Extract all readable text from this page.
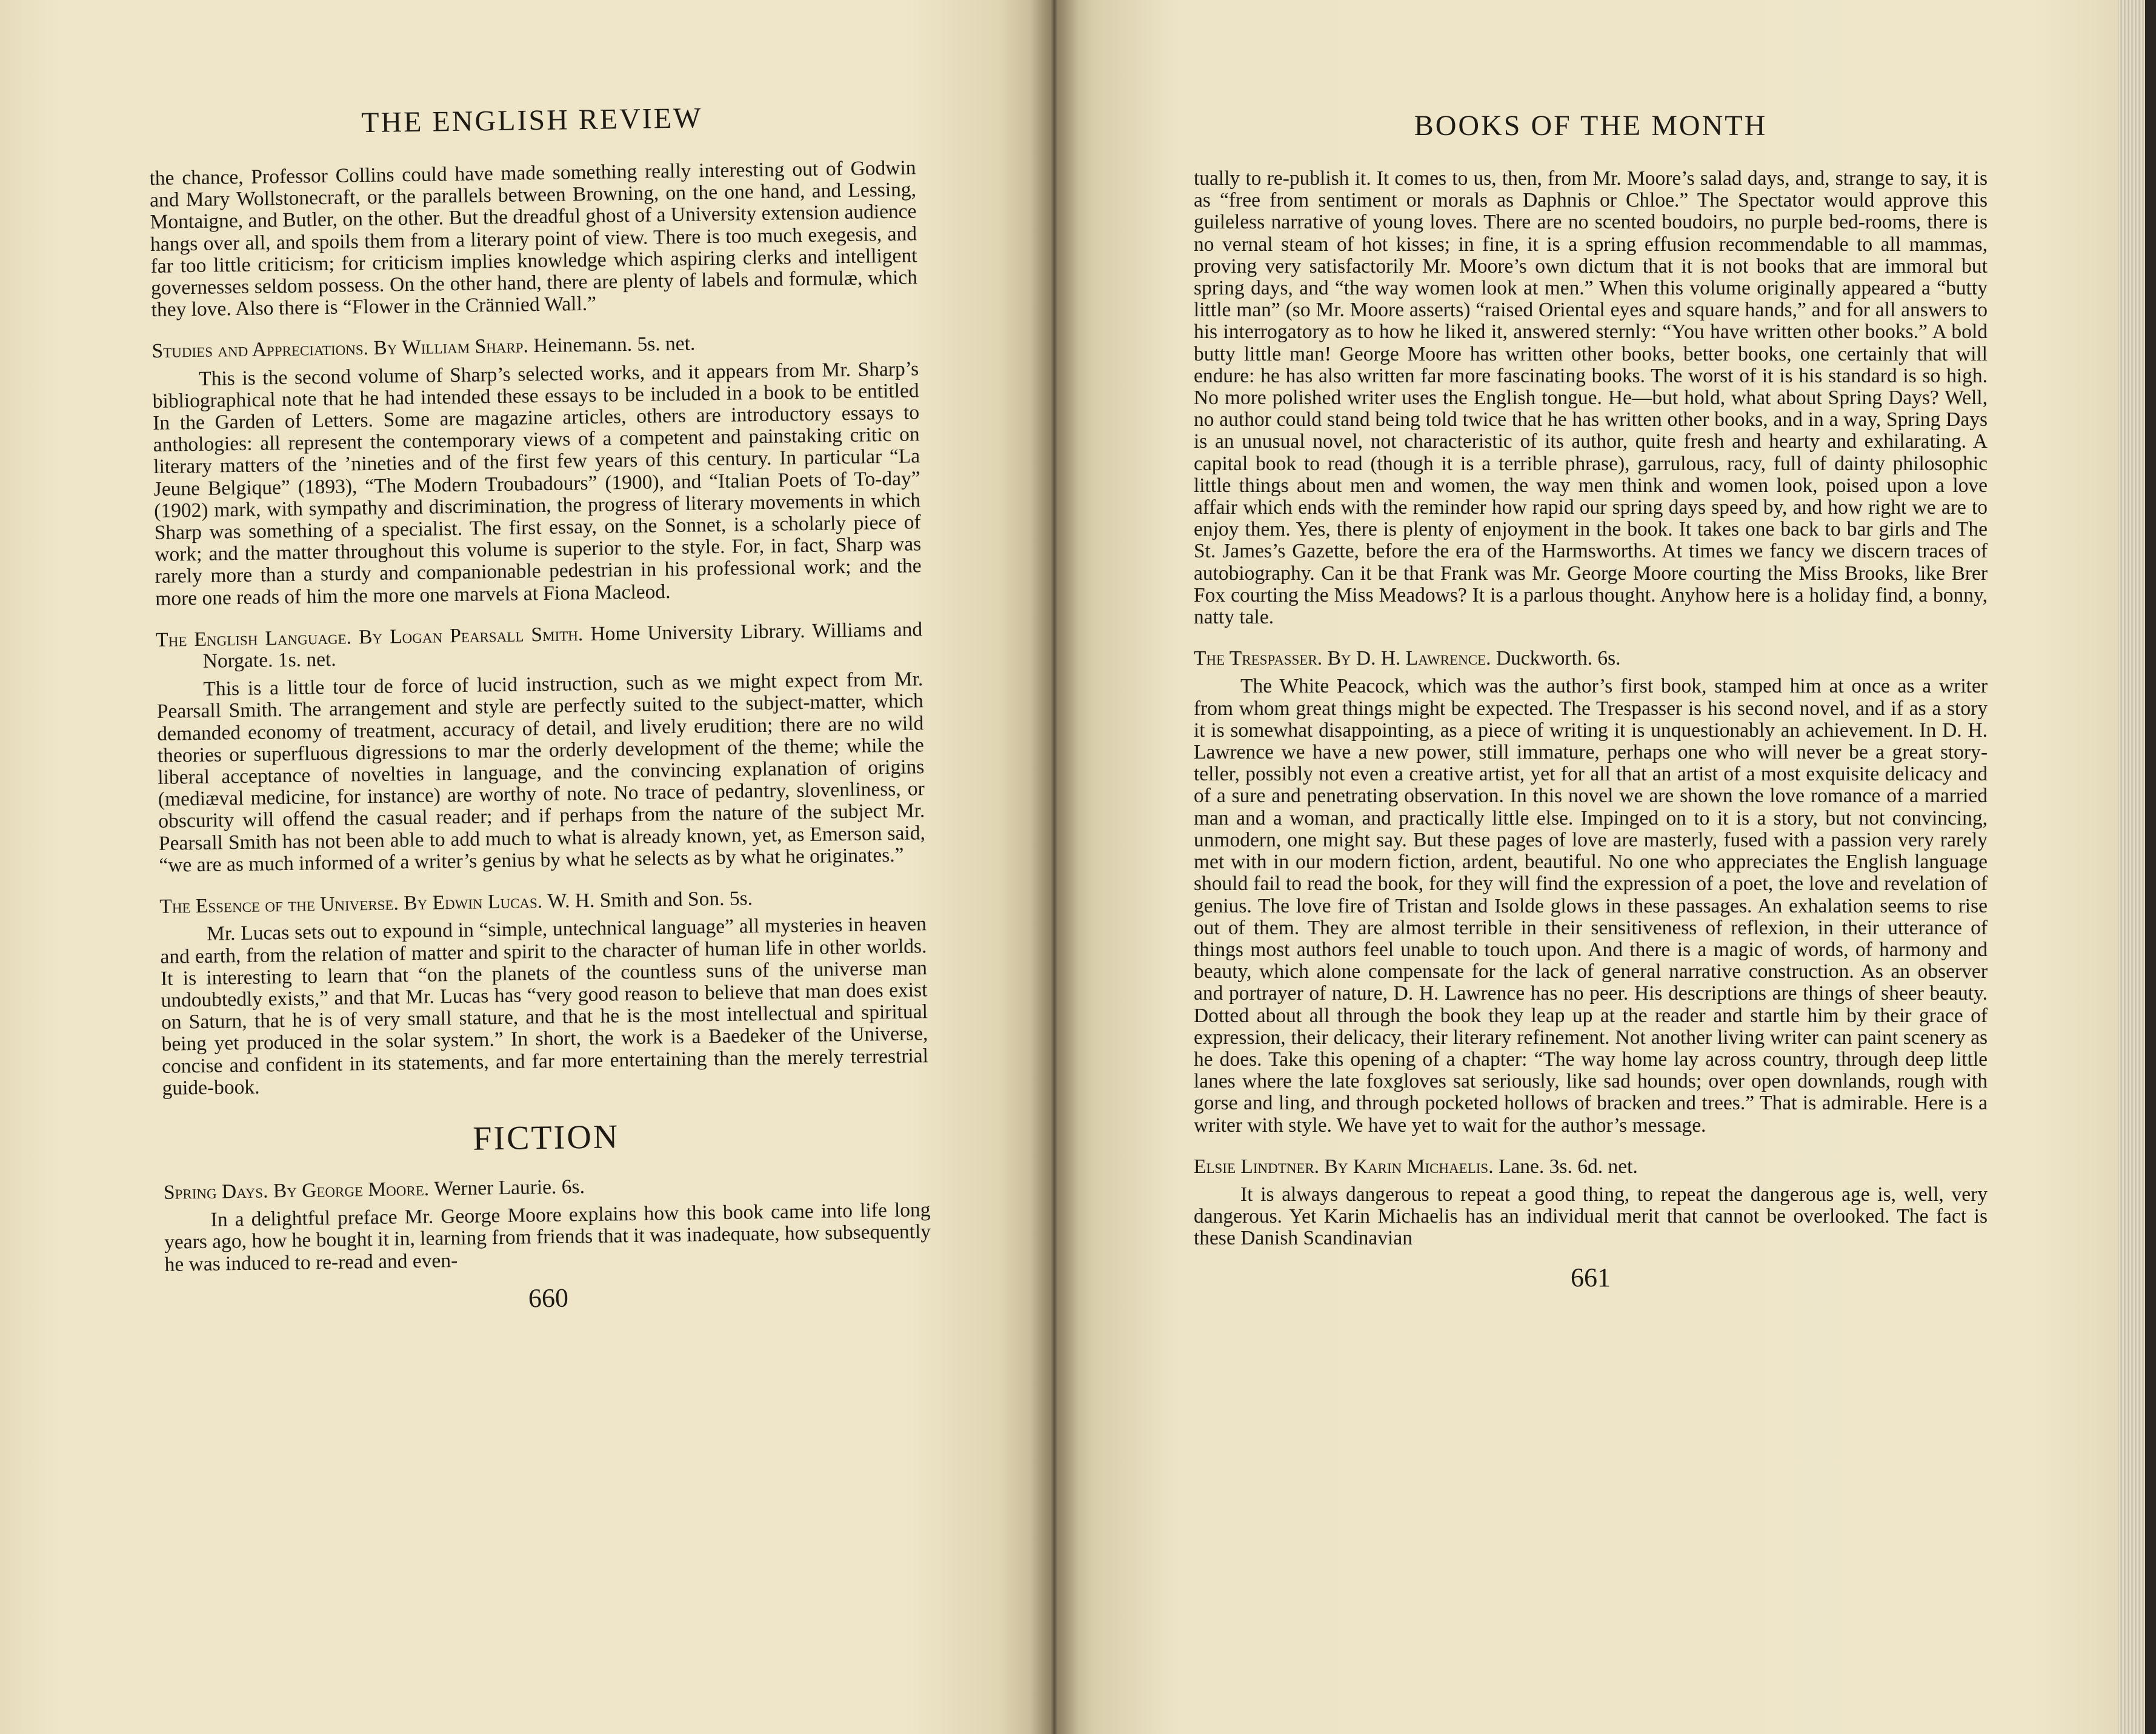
THE ENGLISH REVIEW

the chance, Professor Collins could have made something really interesting out of Godwin and Mary Wollstonecraft, or the parallels between Browning, on the one hand, and Lessing, Montaigne, and Butler, on the other. But the dreadful ghost of a University extension audience hangs over all, and spoils them from a literary point of view. There is too much exegesis, and far too little criticism; for criticism implies knowledge which aspiring clerks and intelligent governesses seldom possess. On the other hand, there are plenty of labels and formulæ, which they love. Also there is “Flower in the Crännied Wall.”

Studies and Appreciations. By William Sharp. Heinemann. 5s. net.

This is the second volume of Sharp’s selected works, and it appears from Mr. Sharp’s bibliographical note that he had intended these essays to be included in a book to be entitled In the Garden of Letters. Some are magazine articles, others are introductory essays to anthologies: all represent the contemporary views of a competent and painstaking critic on literary matters of the ’nineties and of the first few years of this century. In particular “La Jeune Belgique” (1893), “The Modern Troubadours” (1900), and “Italian Poets of To-day” (1902) mark, with sympathy and discrimination, the progress of literary movements in which Sharp was something of a specialist. The first essay, on the Sonnet, is a scholarly piece of work; and the matter throughout this volume is superior to the style. For, in fact, Sharp was rarely more than a sturdy and companionable pedestrian in his professional work; and the more one reads of him the more one marvels at Fiona Macleod.

The English Language. By Logan Pearsall Smith. Home University Library. Williams and Norgate. 1s. net.

This is a little tour de force of lucid instruction, such as we might expect from Mr. Pearsall Smith. The arrangement and style are perfectly suited to the subject-matter, which demanded economy of treatment, accuracy of detail, and lively erudition; there are no wild theories or superfluous digressions to mar the orderly development of the theme; while the liberal acceptance of novelties in language, and the convincing explanation of origins (mediæval medicine, for instance) are worthy of note. No trace of pedantry, slovenliness, or obscurity will offend the casual reader; and if perhaps from the nature of the subject Mr. Pearsall Smith has not been able to add much to what is already known, yet, as Emerson said, “we are as much informed of a writer’s genius by what he selects as by what he originates.”

The Essence of the Universe. By Edwin Lucas. W. H. Smith and Son. 5s.

Mr. Lucas sets out to expound in “simple, untechnical language” all mysteries in heaven and earth, from the relation of matter and spirit to the character of human life in other worlds. It is interesting to learn that “on the planets of the countless suns of the universe man undoubtedly exists,” and that Mr. Lucas has “very good reason to believe that man does exist on Saturn, that he is of very small stature, and that he is the most intellectual and spiritual being yet produced in the solar system.” In short, the work is a Baedeker of the Universe, concise and confident in its statements, and far more entertaining than the merely terrestrial guide-book.

FICTION
Spring Days. By George Moore. Werner Laurie. 6s.

In a delightful preface Mr. George Moore explains how this book came into life long years ago, how he bought it in, learning from friends that it was inadequate, how subsequently he was induced to re-read and even-

660
BOOKS OF THE MONTH

tually to re-publish it. It comes to us, then, from Mr. Moore’s salad days, and, strange to say, it is as “free from sentiment or morals as Daphnis or Chloe.” The Spectator would approve this guileless narrative of young loves. There are no scented boudoirs, no purple bed-rooms, there is no vernal steam of hot kisses; in fine, it is a spring effusion recommendable to all mammas, proving very satisfactorily Mr. Moore’s own dictum that it is not books that are immoral but spring days, and “the way women look at men.” When this volume originally appeared a “butty little man” (so Mr. Moore asserts) “raised Oriental eyes and square hands,” and for all answers to his interrogatory as to how he liked it, answered sternly: “You have written other books.” A bold butty little man! George Moore has written other books, better books, one certainly that will endure: he has also written far more fascinating books. The worst of it is his standard is so high. No more polished writer uses the English tongue. He—but hold, what about Spring Days? Well, no author could stand being told twice that he has written other books, and in a way, Spring Days is an unusual novel, not characteristic of its author, quite fresh and hearty and exhilarating. A capital book to read (though it is a terrible phrase), garrulous, racy, full of dainty philosophic little things about men and women, the way men think and women look, poised upon a love affair which ends with the reminder how rapid our spring days speed by, and how right we are to enjoy them. Yes, there is plenty of enjoyment in the book. It takes one back to bar girls and The St. James’s Gazette, before the era of the Harmsworths. At times we fancy we discern traces of autobiography. Can it be that Frank was Mr. George Moore courting the Miss Brooks, like Brer Fox courting the Miss Meadows? It is a parlous thought. Anyhow here is a holiday find, a bonny, natty tale.

The Trespasser. By D. H. Lawrence. Duckworth. 6s.

The White Peacock, which was the author’s first book, stamped him at once as a writer from whom great things might be expected. The Trespasser is his second novel, and if as a story it is somewhat disappointing, as a piece of writing it is unquestionably an achievement. In D. H. Lawrence we have a new power, still immature, perhaps one who will never be a great story-teller, possibly not even a creative artist, yet for all that an artist of a most exquisite delicacy and of a sure and penetrating observation. In this novel we are shown the love romance of a married man and a woman, and practically little else. Impinged on to it is a story, but not convincing, unmodern, one might say. But these pages of love are masterly, fused with a passion very rarely met with in our modern fiction, ardent, beautiful. No one who appreciates the English language should fail to read the book, for they will find the expression of a poet, the love and revelation of genius. The love fire of Tristan and Isolde glows in these passages. An exhalation seems to rise out of them. They are almost terrible in their sensitiveness of reflexion, in their utterance of things most authors feel unable to touch upon. And there is a magic of words, of harmony and beauty, which alone compensate for the lack of general narrative construction. As an observer and portrayer of nature, D. H. Lawrence has no peer. His descriptions are things of sheer beauty. Dotted about all through the book they leap up at the reader and startle him by their grace of expression, their delicacy, their literary refinement. Not another living writer can paint scenery as he does. Take this opening of a chapter: “The way home lay across country, through deep little lanes where the late foxgloves sat seriously, like sad hounds; over open downlands, rough with gorse and ling, and through pocketed hollows of bracken and trees.” That is admirable. Here is a writer with style. We have yet to wait for the author’s message.

Elsie Lindtner. By Karin Michaelis. Lane. 3s. 6d. net.

It is always dangerous to repeat a good thing, to repeat the dangerous age is, well, very dangerous. Yet Karin Michaelis has an individual merit that cannot be overlooked. The fact is these Danish Scandinavian

661
